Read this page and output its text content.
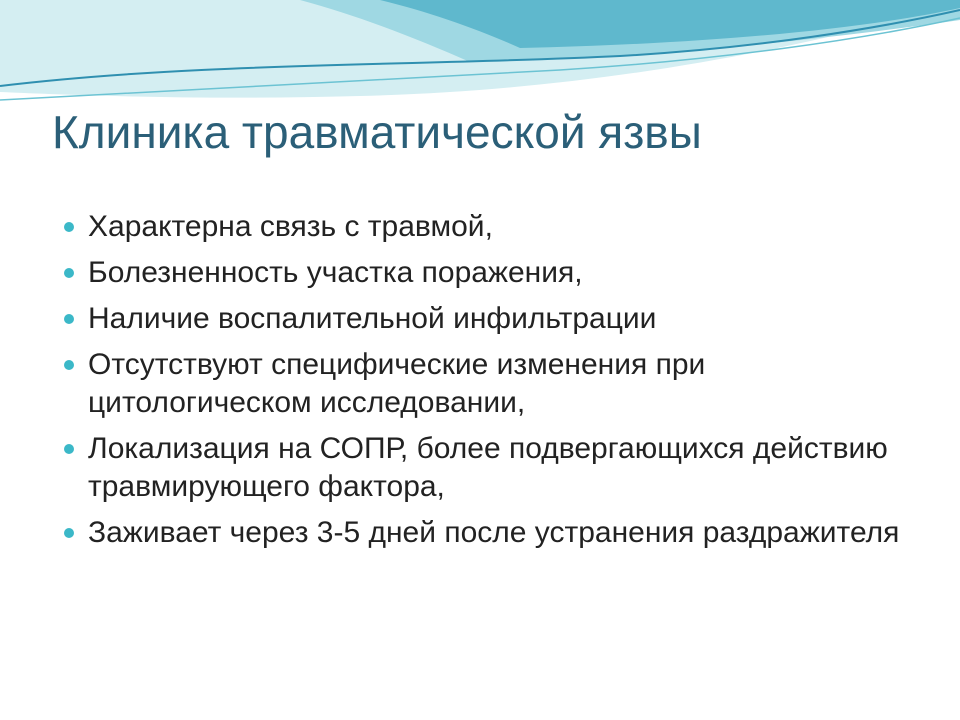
Клиника травматической язвы
Характерна связь с травмой,
Болезненность участка поражения,
Наличие воспалительной инфильтрации
Отсутствуют специфические изменения при цитологическом исследовании,
Локализация на СОПР, более подвергающихся действию травмирующего фактора,
Заживает через 3-5 дней после устранения раздражителя
